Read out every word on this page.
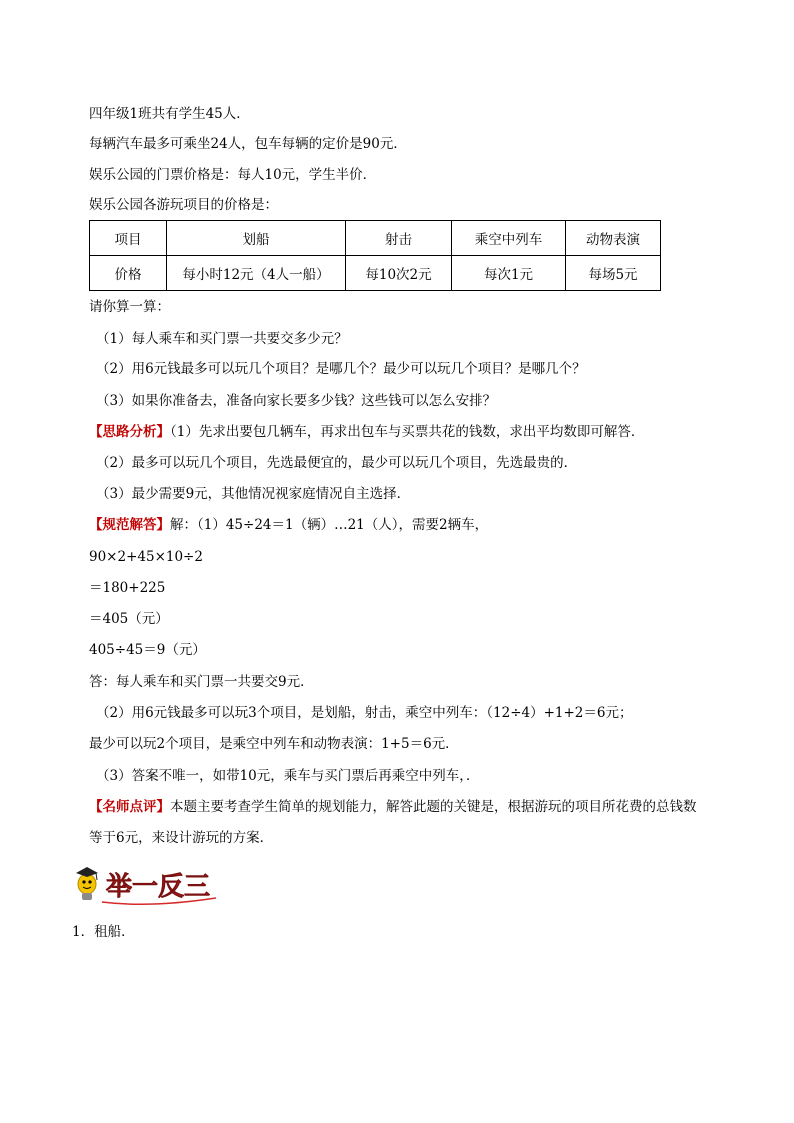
四年级1班共有学生45人．
每辆汽车最多可乘坐24人，包车每辆的定价是90元．
娱乐公园的门票价格是：每人10元，学生半价．
娱乐公园各游玩项目的价格是：
项目	划船	射击	乘空中列车	动物表演
价格	每小时12元（4人一船）	每10次2元	每次1元	每场5元
请你算一算：
（1）每人乘车和买门票一共要交多少元？
（2）用6元钱最多可以玩几个项目？是哪几个？最少可以玩几个项目？是哪几个？
（3）如果你准备去，准备向家长要多少钱？这些钱可以怎么安排？
【思路分析】（1）先求出要包几辆车，再求出包车与买票共花的钱数，求出平均数即可解答．
（2）最多可以玩几个项目，先选最便宜的，最少可以玩几个项目，先选最贵的．
（3）最少需要9元，其他情况视家庭情况自主选择．
【规范解答】解：（1）45÷24＝1（辆）…21（人），需要2辆车，
90×2+45×10÷2
＝180+225
＝405（元）
405÷45＝9（元）
答：每人乘车和买门票一共要交9元．
（2）用6元钱最多可以玩3个项目，是划船，射击，乘空中列车：（12÷4）+1+2＝6元；
最少可以玩2个项目，是乘空中列车和动物表演：1+5＝6元．
（3）答案不唯一，如带10元，乘车与买门票后再乘空中列车，．
【名师点评】本题主要考查学生简单的规划能力，解答此题的关键是，根据游玩的项目所花费的总钱数
等于6元，来设计游玩的方案．
举一反三
1．租船．
